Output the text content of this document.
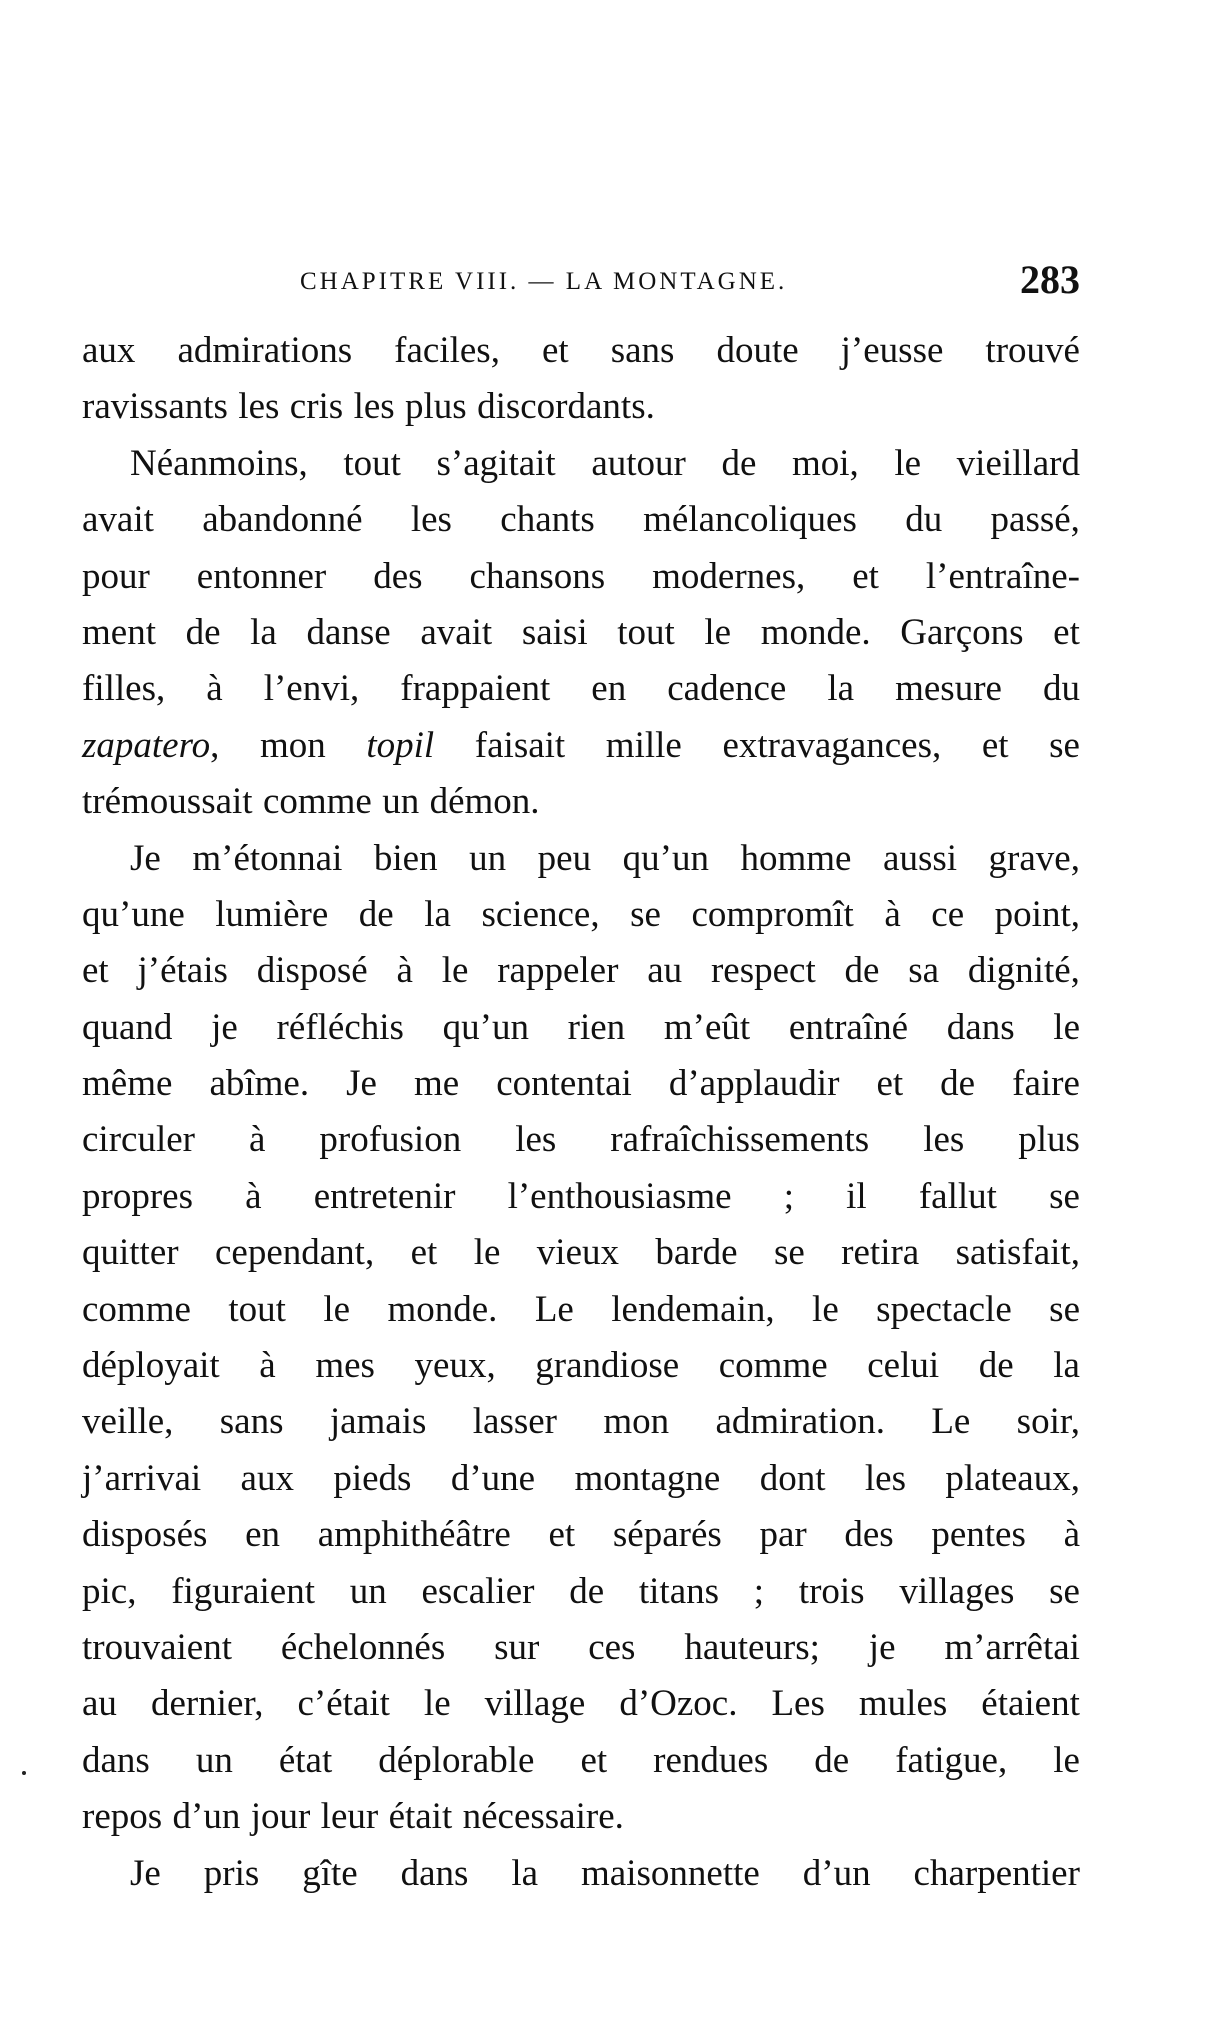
CHAPITRE VIII. — LA MONTAGNE.	283
aux admirations faciles, et sans doute j’eusse trouvé
ravissants les cris les plus discordants.
Néanmoins, tout s’agitait autour de moi, le vieillard
avait abandonné les chants mélancoliques du passé,
pour entonner des chansons modernes, et l’entraîne-
ment de la danse avait saisi tout le monde. Garçons et
filles, à l’envi, frappaient en cadence la mesure du
zapatero, mon topil faisait mille extravagances, et se
trémoussait comme un démon.
Je m’étonnai bien un peu qu’un homme aussi grave,
qu’une lumière de la science, se compromît à ce point,
et j’étais disposé à le rappeler au respect de sa dignité,
quand je réfléchis qu’un rien m’eût entraîné dans le
même abîme. Je me contentai d’applaudir et de faire
circuler à profusion les rafraîchissements les plus
propres à entretenir l’enthousiasme ; il fallut se
quitter cependant, et le vieux barde se retira satisfait,
comme tout le monde. Le lendemain, le spectacle se
déployait à mes yeux, grandiose comme celui de la
veille, sans jamais lasser mon admiration. Le soir,
j’arrivai aux pieds d’une montagne dont les plateaux,
disposés en amphithéâtre et séparés par des pentes à
pic, figuraient un escalier de titans ; trois villages se
trouvaient échelonnés sur ces hauteurs; je m’arrêtai
au dernier, c’était le village d’Ozoc. Les mules étaient
dans un état déplorable et rendues de fatigue, le
repos d’un jour leur était nécessaire.
Je pris gîte dans la maisonnette d’un charpentier
